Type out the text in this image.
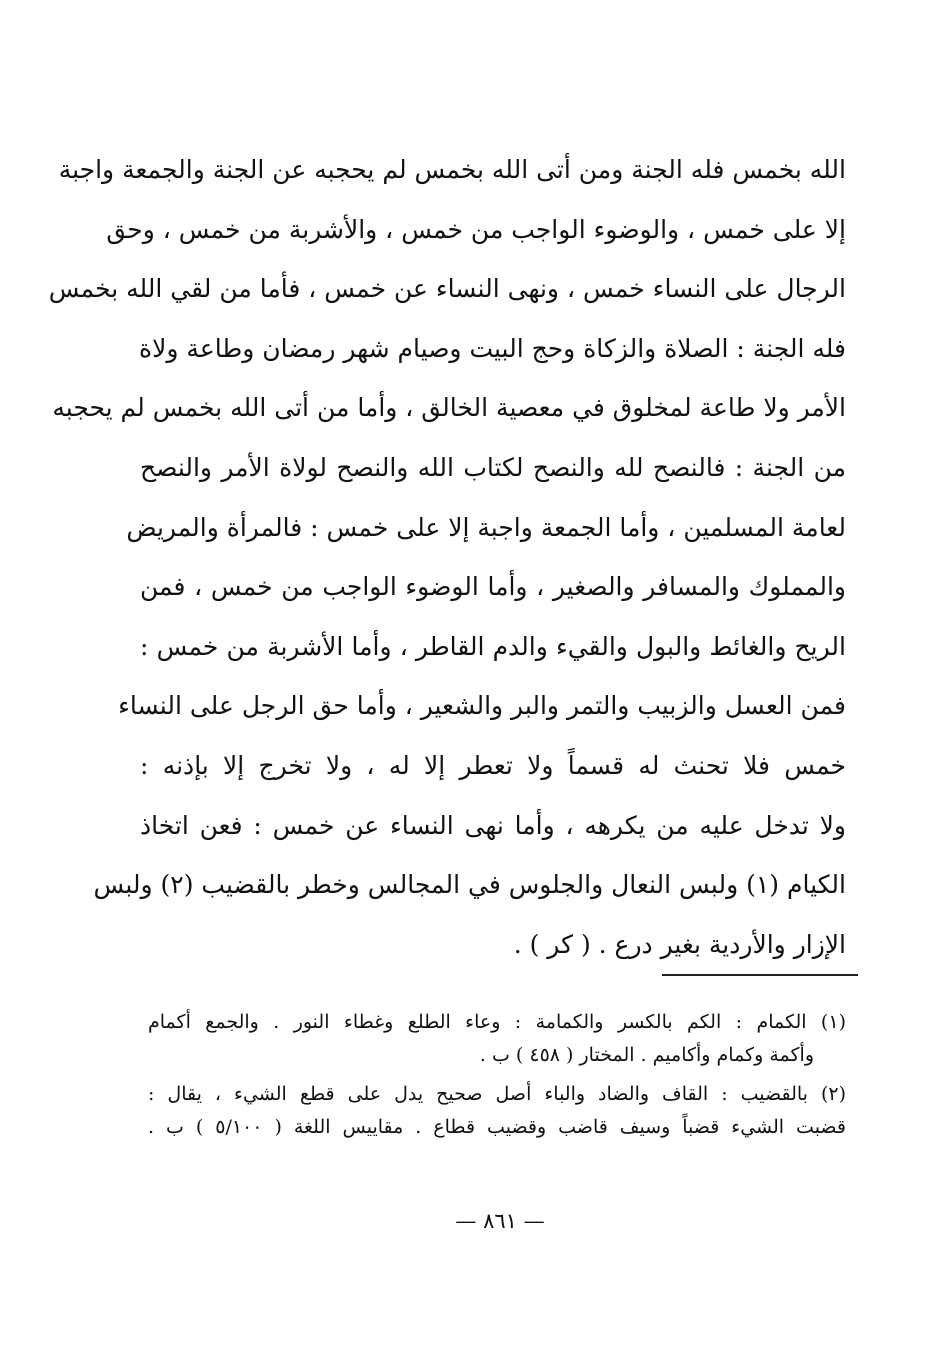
الله بخمس فله الجنة ومن أتى الله بخمس لم يحجبه عن الجنة والجمعة واجبة
إلا على خمس ، والوضوء الواجب من خمس ، والأشربة من خمس ، وحق
الرجال على النساء خمس ، ونهى النساء عن خمس ، فأما من لقي الله بخمس
فله الجنة : الصلاة والزكاة وحج البيت وصيام شهر رمضان وطاعة ولاة
الأمر ولا طاعة لمخلوق في معصية الخالق ، وأما من أتى الله بخمس لم يحجبه
من الجنة : فالنصح لله والنصح لكتاب الله والنصح لولاة الأمر والنصح
لعامة المسلمين ، وأما الجمعة واجبة إلا على خمس : فالمرأة والمريض
والمملوك والمسافر والصغير ، وأما الوضوء الواجب من خمس ، فمن
الريح والغائط والبول والقيء والدم القاطر ، وأما الأشربة من خمس :
فمن العسل والزبيب والتمر والبر والشعير ، وأما حق الرجل على النساء
خمس فلا تحنث له قسماً ولا تعطر إلا له ، ولا تخرج إلا بإذنه :
ولا تدخل عليه من يكرهه ، وأما نهى النساء عن خمس : فعن اتخاذ
الكيام (١) ولبس النعال والجلوس في المجالس وخطر بالقضيب (٢) ولبس
الإزار والأردية بغير درع . ( كر ) .
(١) الكمام : الكم بالكسر والكمامة : وعاء الطلع وغطاء النور . والجمع أكمام
وأكمة وكمام وأكاميم . المختار ( ٤٥٨ ) ب .
(٢) بالقضيب : القاف والضاد والباء أصل صحيح يدل على قطع الشيء ، يقال :
قضبت الشيء قضباً وسيف قاضب وقضيب قطاع . مقاييس اللغة ( ٥/١٠٠ ) ب .
— ٨٦١ —
